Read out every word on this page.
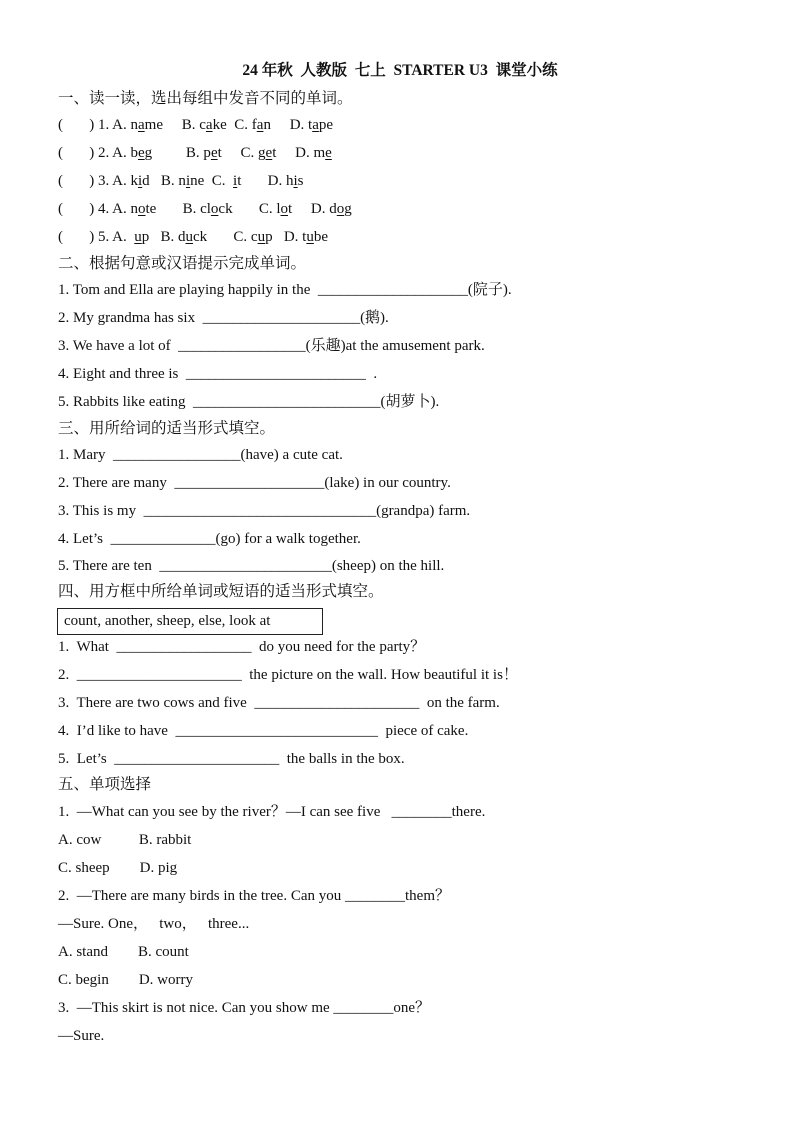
24 年秋  人教版  七上  STARTER U3  课堂小练
一、读一读，选出每组中发音不同的单词。
(       ) 1. A. name     B. cake  C. fan     D. tape
(       ) 2. A. beg         B. pet     C. get     D. me
(       ) 3. A. kid   B. nine  C.  it       D. his
(       ) 4. A. note       B. clock       C. lot     D. dog
(       ) 5. A.  up   B. duck       C. cup   D. tube
二、根据句意或汉语提示完成单词。
1. Tom and Ella are playing happily in the  ____________________(院子).
2. My grandma has six  _____________________(鹅).
3. We have a lot of  _________________(乐趣)at the amusement park.
4. Eight and three is  ________________________  .
5. Rabbits like eating  _________________________(胡萝卜).
三、用所给词的适当形式填空。
1. Mary  _________________(have) a cute cat.
2. There are many  ____________________(lake) in our country.
3. This is my  _______________________________(grandpa) farm.
4. Let’s  ______________(go) for a walk together.
5. There are ten  _______________________(sheep) on the hill.
四、用方框中所给单词或短语的适当形式填空。
count, another, sheep, else, look at
1.  What  __________________  do you need for the party？
2.  ______________________  the picture on the wall. How beautiful it is！
3.  There are two cows and five  ______________________  on the farm.
4.  I’d like to have  ___________________________  piece of cake.
5.  Let’s  ______________________  the balls in the box.
五、单项选择
1.  —What can you see by the river？—I can see five   ________there.
A. cow          B. rabbit
C. sheep        D. pig
2.  —There are many birds in the tree. Can you ________them？
—Sure. One，   two，   three...
A. stand        B. count
C. begin        D. worry
3.  —This skirt is not nice. Can you show me ________one？
—Sure.
